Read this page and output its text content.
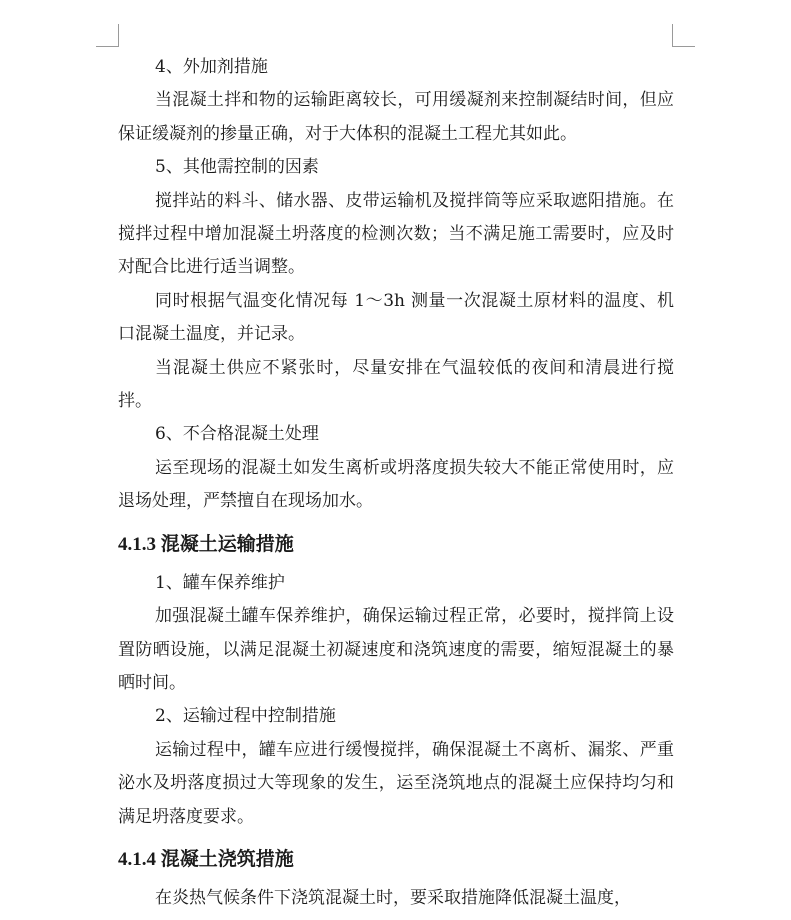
4、外加剂措施

当混凝土拌和物的运输距离较长，可用缓凝剂来控制凝结时间，但应保证缓凝剂的掺量正确，对于大体积的混凝土工程尤其如此。

5、其他需控制的因素

搅拌站的料斗、储水器、皮带运输机及搅拌筒等应采取遮阳措施。在搅拌过程中增加混凝土坍落度的检测次数；当不满足施工需要时，应及时对配合比进行适当调整。

同时根据气温变化情况每 1～3h 测量一次混凝土原材料的温度、机口混凝土温度，并记录。

当混凝土供应不紧张时，尽量安排在气温较低的夜间和清晨进行搅拌。

6、不合格混凝土处理

运至现场的混凝土如发生离析或坍落度损失较大不能正常使用时，应退场处理，严禁擅自在现场加水。

4.1.3 混凝土运输措施

1、罐车保养维护

加强混凝土罐车保养维护，确保运输过程正常，必要时，搅拌筒上设置防晒设施，以满足混凝土初凝速度和浇筑速度的需要，缩短混凝土的暴晒时间。

2、运输过程中控制措施

运输过程中，罐车应进行缓慢搅拌，确保混凝土不离析、漏浆、严重泌水及坍落度损过大等现象的发生，运至浇筑地点的混凝土应保持均匀和满足坍落度要求。

4.1.4 混凝土浇筑措施

在炎热气候条件下浇筑混凝土时，要采取措施降低混凝土温度，
